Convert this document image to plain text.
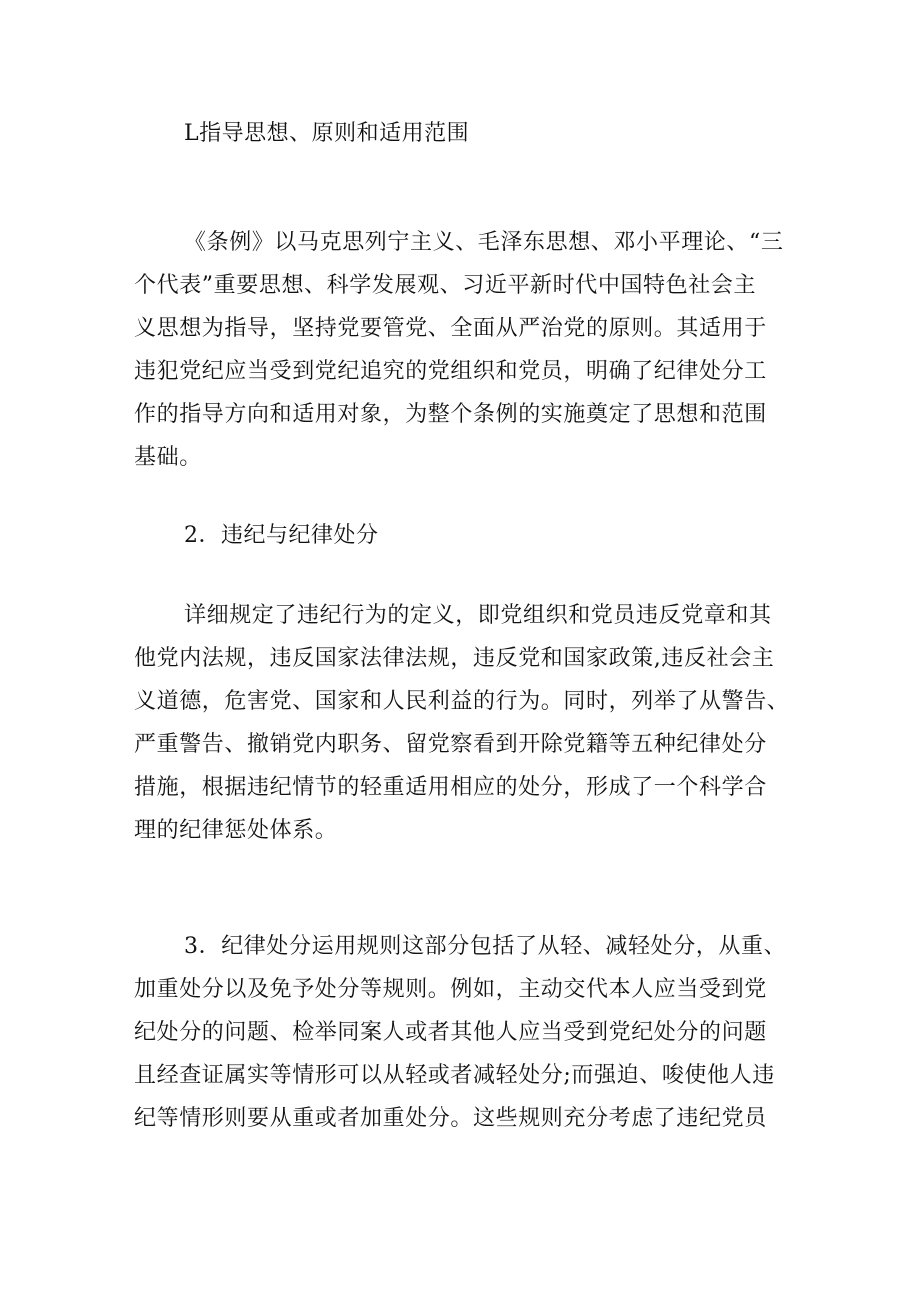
L指导思想、原则和适用范围

《条例》以马克思列宁主义、毛泽东思想、邓小平理论、“三
个代表”重要思想、科学发展观、习近平新时代中国特色社会主
义思想为指导，坚持党要管党、全面从严治党的原则。其适用于
违犯党纪应当受到党纪追究的党组织和党员，明确了纪律处分工
作的指导方向和适用对象，为整个条例的实施奠定了思想和范围
基础。

2．违纪与纪律处分

详细规定了违纪行为的定义，即党组织和党员违反党章和其
他党内法规，违反国家法律法规，违反党和国家政策,违反社会主
义道德，危害党、国家和人民利益的行为。同时，列举了从警告、
严重警告、撤销党内职务、留党察看到开除党籍等五种纪律处分
措施，根据违纪情节的轻重适用相应的处分，形成了一个科学合
理的纪律惩处体系。

3．纪律处分运用规则这部分包括了从轻、减轻处分，从重、
加重处分以及免予处分等规则。例如，主动交代本人应当受到党
纪处分的问题、检举同案人或者其他人应当受到党纪处分的问题
且经查证属实等情形可以从轻或者减轻处分;而强迫、唆使他人违
纪等情形则要从重或者加重处分。这些规则充分考虑了违纪党员
